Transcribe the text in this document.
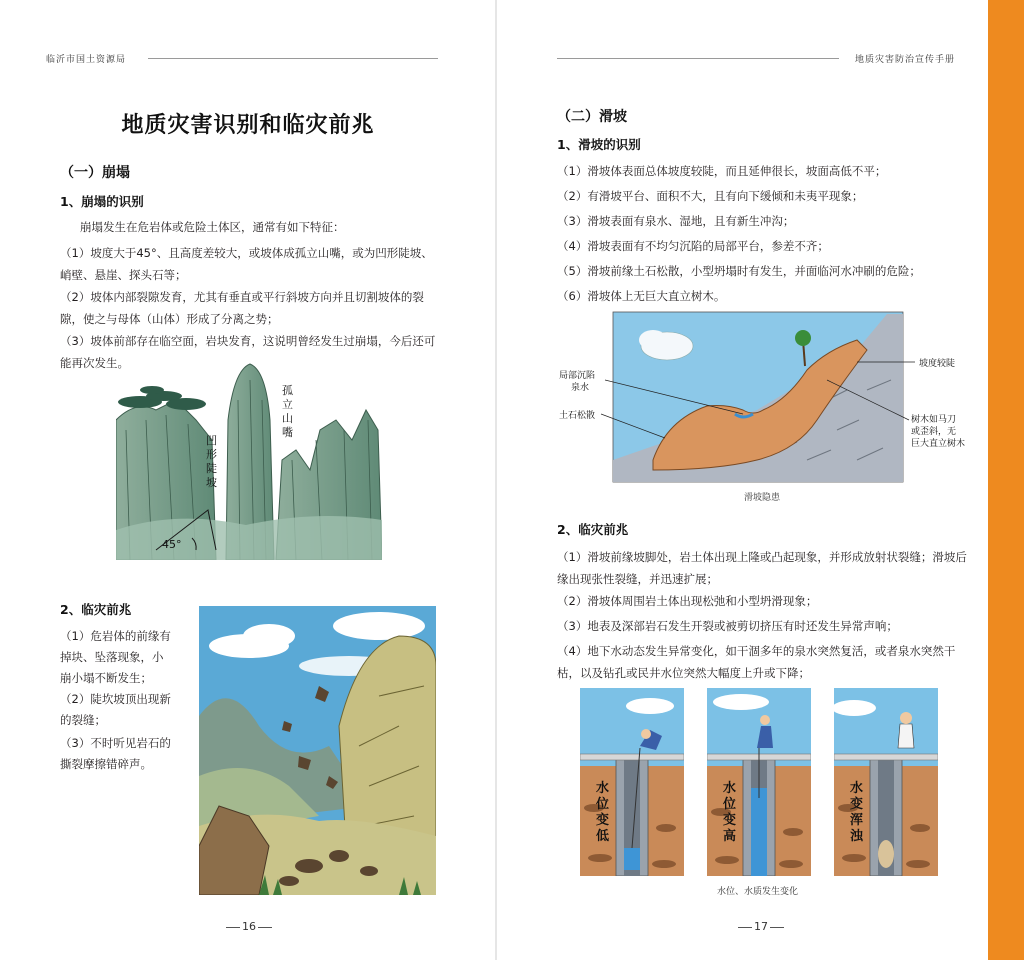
临沂市国土资源局
地质灾害识别和临灾前兆
（一）崩塌
1、崩塌的识别
崩塌发生在危岩体或危险土体区，通常有如下特征：
（1）坡度大于45°、且高度差较大，或坡体成孤立山嘴，或为凹形陡坡、峭壁、悬崖、探头石等；
（2）坡体内部裂隙发育，尤其有垂直或平行斜坡方向并且切割坡体的裂隙，使之与母体（山体）形成了分离之势；
（3）坡体前部存在临空面，岩块发育，这说明曾经发生过崩塌，今后还可能再次发生。
45°
孤
立
山
嘴
凹
形
陡
坡
2、临灾前兆
（1）危岩体的前缘有掉块、坠落现象，小崩小塌不断发生；
（2）陡坎坡顶出现新的裂缝；
（3）不时听见岩石的撕裂摩擦错碎声。
16
地质灾害防治宣传手册
（二）滑坡
1、滑坡的识别
（1）滑坡体表面总体坡度较陡，而且延伸很长，坡面高低不平；
（2）有滑坡平台、面积不大，且有向下缓倾和未夷平现象；
（3）滑坡表面有泉水、湿地，且有新生冲沟；
（4）滑坡表面有不均匀沉陷的局部平台，参差不齐；
（5）滑坡前缘土石松散，小型坍塌时有发生，并面临河水冲刷的危险；
（6）滑坡体上无巨大直立树木。
局部沉陷
泉水
土石松散
坡度较陡
树木如马刀
或歪斜，无
巨大直立树木
滑坡隐患
2、临灾前兆
（1）滑坡前缘坡脚处，岩土体出现上隆或凸起现象，并形成放射状裂缝；滑坡后缘出现张性裂缝，并迅速扩展；
（2）滑坡体周围岩土体出现松弛和小型坍滑现象；
（3）地表及深部岩石发生开裂或被剪切挤压有时还发生异常声响；
（4）地下水动态发生异常变化，如干涸多年的泉水突然复活，或者泉水突然干枯，以及钻孔或民井水位突然大幅度上升或下降；
水
位
变
低
水
位
变
高
水
变
浑
浊
水位、水质发生变化
17
